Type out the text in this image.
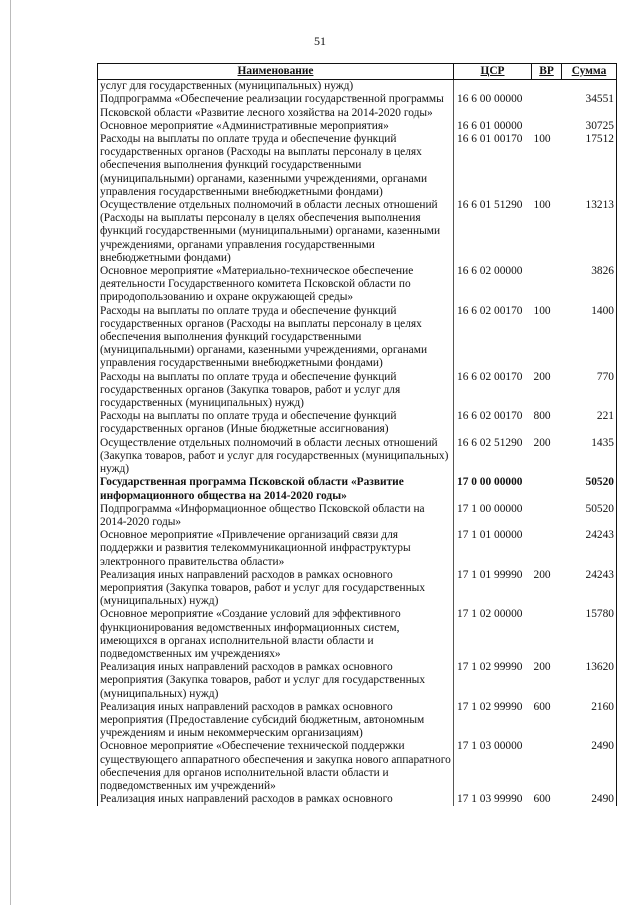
51
Наименование	ЦСР	ВР	Сумма
услуг для государственных (муниципальных) нужд)			
Подпрограмма «Обеспечение реализации государственной программы Псковской области «Развитие лесного хозяйства на 2014-2020 годы»	16 6 00 00000		34551
Основное мероприятие «Административные мероприятия»	16 6 01 00000		30725
Расходы на выплаты по оплате труда и обеспечение функций государственных органов (Расходы на выплаты персоналу в целях обеспечения выполнения функций государственными (муниципальными) органами, казенными учреждениями, органами управления государственными внебюджетными фондами)	16 6 01 00170	100	17512
Осуществление отдельных полномочий в области лесных отношений (Расходы на выплаты персоналу в целях обеспечения выполнения функций государственными (муниципальными) органами, казенными учреждениями, органами управления государственными внебюджетными фондами)	16 6 01 51290	100	13213
Основное мероприятие «Материально-техническое обеспечение деятельности Государственного комитета Псковской области по природопользованию и охране окружающей среды»	16 6 02 00000		3826
Расходы на выплаты по оплате труда и обеспечение функций государственных органов (Расходы на выплаты персоналу в целях обеспечения выполнения функций государственными (муниципальными) органами, казенными учреждениями, органами управления государственными внебюджетными фондами)	16 6 02 00170	100	1400
Расходы на выплаты по оплате труда и обеспечение функций государственных органов (Закупка товаров, работ и услуг для государственных (муниципальных) нужд)	16 6 02 00170	200	770
Расходы на выплаты по оплате труда и обеспечение функций государственных органов (Иные бюджетные ассигнования)	16 6 02 00170	800	221
Осуществление отдельных полномочий в области лесных отношений (Закупка товаров, работ и услуг для государственных (муниципальных) нужд)	16 6 02 51290	200	1435
Государственная программа Псковской области «Развитие информационного общества на 2014-2020 годы»	17 0 00 00000		50520
Подпрограмма «Информационное общество Псковской области на 2014-2020 годы»	17 1 00 00000		50520
Основное мероприятие «Привлечение организаций связи для поддержки и развития телекоммуникационной инфраструктуры электронного правительства области»	17 1 01 00000		24243
Реализация иных направлений расходов в рамках основного мероприятия (Закупка товаров, работ и услуг для государственных (муниципальных) нужд)	17 1 01 99990	200	24243
Основное мероприятие «Создание условий для эффективного функционирования ведомственных информационных систем, имеющихся в органах исполнительной власти области и подведомственных им учреждениях»	17 1 02 00000		15780
Реализация иных направлений расходов в рамках основного мероприятия (Закупка товаров, работ и услуг для государственных (муниципальных) нужд)	17 1 02 99990	200	13620
Реализация иных направлений расходов в рамках основного мероприятия (Предоставление субсидий бюджетным, автономным учреждениям и иным некоммерческим организациям)	17 1 02 99990	600	2160
Основное мероприятие «Обеспечение технической поддержки существующего аппаратного обеспечения и закупка нового аппаратного обеспечения для органов исполнительной власти области и подведомственных им учреждений»	17 1 03 00000		2490
Реализация иных направлений расходов в рамках основного	17 1 03 99990	600	2490
